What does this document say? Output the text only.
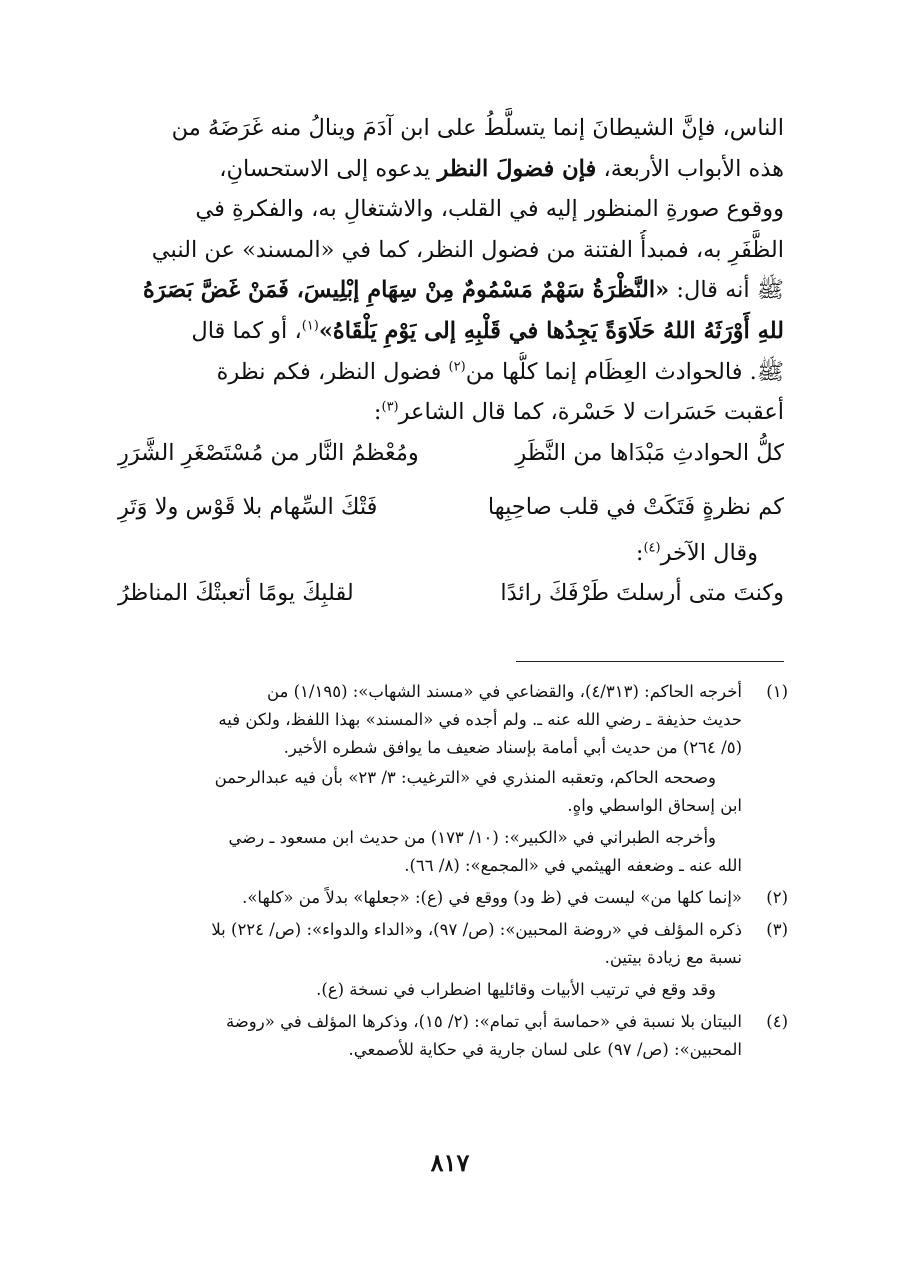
الناس، فإنَّ الشيطانَ إنما يتسلَّطُ على ابن آدَمَ وينالُ منه غَرَضَهُ من
هذه الأبواب الأربعة، فإن فضولَ النظر يدعوه إلى الاستحسانِ،
ووقوع صورةِ المنظور إليه في القلب، والاشتغالِ به، والفكرةِ في
الظَّفَرِ به، فمبدأُ الفتنة من فضول النظر، كما في «المسند» عن النبي
ﷺ أنه قال: «النَّظْرَةُ سَهْمٌ مَسْمُومٌ مِنْ سِهَامِ إبْلِيسَ، فَمَنْ غَضَّ بَصَرَهُ
للهِ أَوْرَثَهُ اللهُ حَلَاوَةً يَجِدُها في قَلْبِهِ إلى يَوْمِ يَلْقَاهُ»$^{(١)}$، أو كما قال
ﷺ. فالحوادث العِظَام إنما كلُّها من$^{(٢)}$ فضول النظر، فكم نظرة
أعقبت حَسَرات لا حَسْرة، كما قال الشاعر$^{(٣)}$:
كلُّ الحوادثِ مَبْدَاها من النَّظَرِ
ومُعْظمُ النَّار من مُسْتَصْغَرِ الشَّرَرِ
كم نظرةٍ فَتَكَتْ في قلب صاحِبِها
فَتْكَ السِّهام بلا قَوْس ولا وَتَرِ
وقال الآخر$^{(٤)}$:
وكنتَ متى أرسلتَ طَرْفَكَ رائدًا
لقلبِكَ يومًا أتعبتْكَ المناظرُ
(١)
أخرجه الحاكم: (٤/٣١٣)، والقضاعي في «مسند الشهاب»: (١/١٩٥) من
حديث حذيفة ـ رضي الله عنه ـ. ولم أجده في «المسند» بهذا اللفظ، ولكن فيه
(٥/ ٢٦٤) من حديث أبي أمامة بإسناد ضعيف ما يوافق شطره الأخير.
وصححه الحاكم، وتعقبه المنذري في «الترغيب: ٣/ ٢٣» بأن فيه عبدالرحمن
ابن إسحاق الواسطي واهٍ.
وأخرجه الطبراني في «الكبير»: (١٠/ ١٧٣) من حديث ابن مسعود ـ رضي
الله عنه ـ وضعفه الهيثمي في «المجمع»: (٨/ ٦٦).
(٢)
«إنما كلها من» ليست في (ظ ود) ووقع في (ع): «جعلها» بدلاً من «كلها».
(٣)
ذكره المؤلف في «روضة المحبين»: (ص/ ٩٧)، و«الداء والدواء»: (ص/ ٢٢٤) بلا
نسبة مع زيادة بيتين.
وقد وقع في ترتيب الأبيات وقائليها اضطراب في نسخة (ع).
(٤)
البيتان بلا نسبة في «حماسة أبي تمام»: (٢/ ١٥)، وذكرها المؤلف في «روضة
المحبين»: (ص/ ٩٧) على لسان جارية في حكاية للأصمعي.
٨١٧
